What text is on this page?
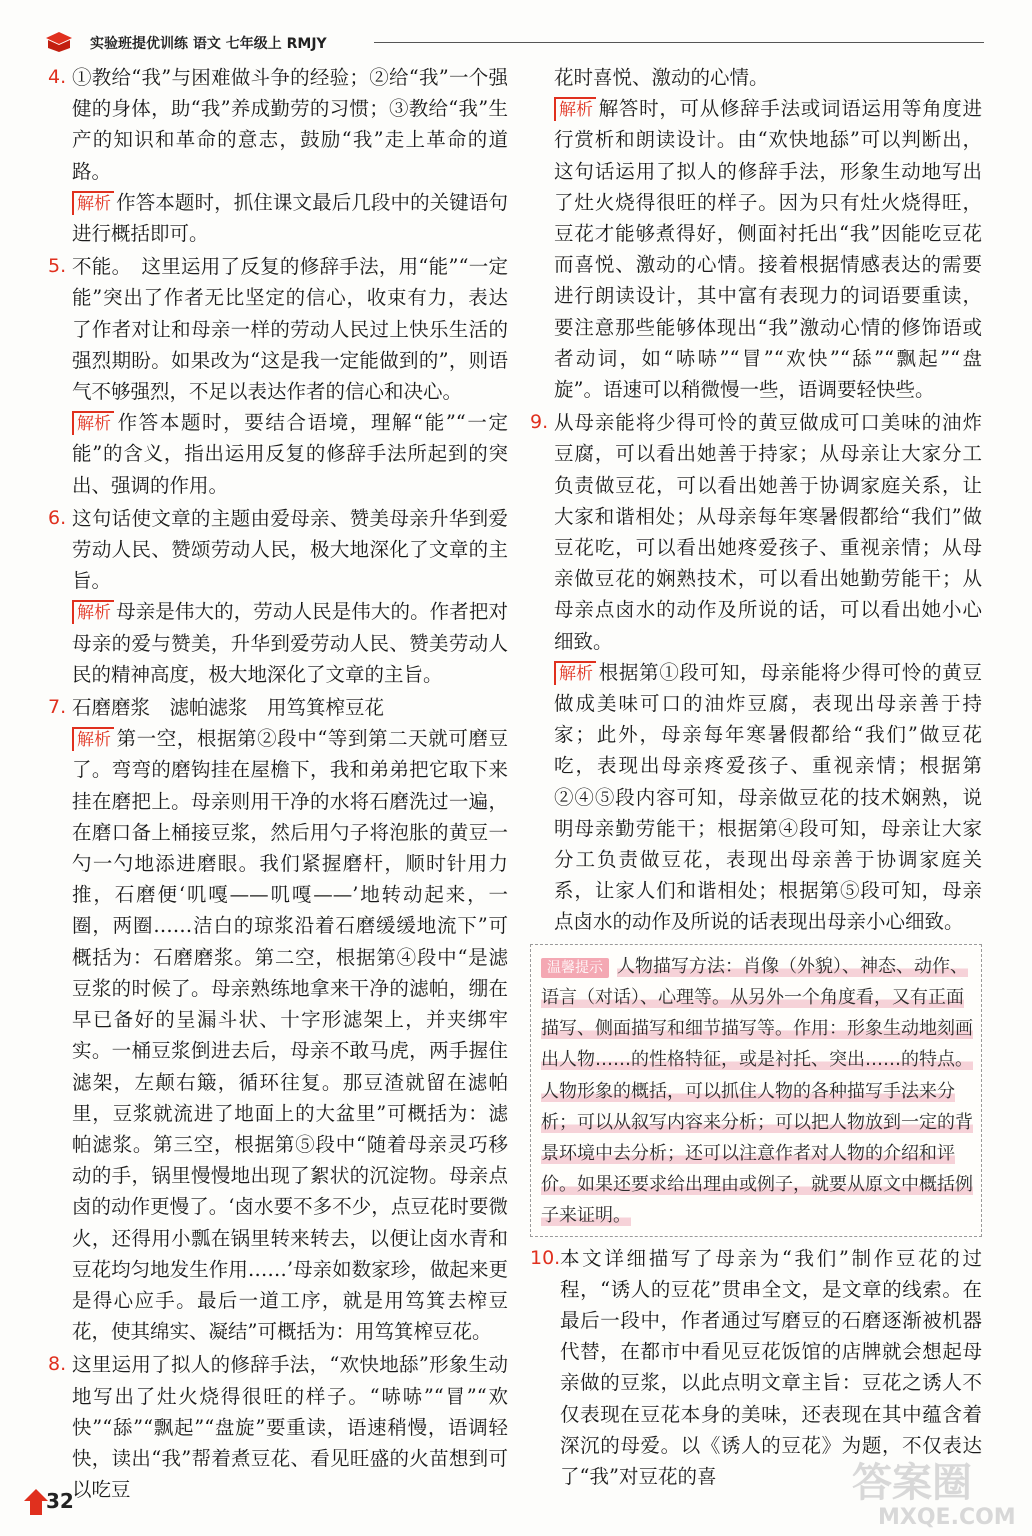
实验班提优训练 语文 七年级上 RMJY
4. ①教给“我”与困难做斗争的经验；②给“我”一个强健的身体，助“我”养成勤劳的习惯；③教给“我”生产的知识和革命的意志，鼓励“我”走上革命的道路。

解析 作答本题时，抓住课文最后几段中的关键语句进行概括即可。

5. 不能。　这里运用了反复的修辞手法，用“能”“一定能”突出了作者无比坚定的信心，收束有力，表达了作者对让和母亲一样的劳动人民过上快乐生活的强烈期盼。如果改为“这是我一定能做到的”，则语气不够强烈，不足以表达作者的信心和决心。

解析 作答本题时，要结合语境，理解“能”“一定能”的含义，指出运用反复的修辞手法所起到的突出、强调的作用。

6. 这句话使文章的主题由爱母亲、赞美母亲升华到爱劳动人民、赞颂劳动人民，极大地深化了文章的主旨。

解析 母亲是伟大的，劳动人民是伟大的。作者把对母亲的爱与赞美，升华到爱劳动人民、赞美劳动人民的精神高度，极大地深化了文章的主旨。

7. 石磨磨浆　滤帕滤浆　用笃箕榨豆花

解析 第一空，根据第②段中“等到第二天就可磨豆了。弯弯的磨钩挂在屋檐下，我和弟弟把它取下来挂在磨把上。母亲则用干净的水将石磨洗过一遍，在磨口备上桶接豆浆，然后用勺子将泡胀的黄豆一勺一勺地添进磨眼。我们紧握磨杆，顺时针用力推，石磨便‘叽嘎——叽嘎——’地转动起来，一圈，两圈……洁白的琼浆沿着石磨缓缓地流下”可概括为：石磨磨浆。第二空，根据第④段中“是滤豆浆的时候了。母亲熟练地拿来干净的滤帕，绷在早已备好的呈漏斗状、十字形滤架上，并夹绑牢实。一桶豆浆倒进去后，母亲不敢马虎，两手握住滤架，左颠右簸，循环往复。那豆渣就留在滤帕里，豆浆就流进了地面上的大盆里”可概括为：滤帕滤浆。第三空，根据第⑤段中“随着母亲灵巧移动的手，锅里慢慢地出现了絮状的沉淀物。母亲点卤的动作更慢了。‘卤水要不多不少，点豆花时要微火，还得用小瓢在锅里转来转去，以便让卤水青和豆花均匀地发生作用……’母亲如数家珍，做起来更是得心应手。最后一道工序，就是用笃箕去榨豆花，使其绵实、凝结”可概括为：用笃箕榨豆花。

8. 这里运用了拟人的修辞手法，“欢快地舔”形象生动地写出了灶火烧得很旺的样子。“哧哧”“冒”“欢快”“舔”“飘起”“盘旋”要重读，语速稍慢，语调轻快，读出“我”帮着煮豆花、看见旺盛的火苗想到可以吃豆

花时喜悦、激动的心情。

解析 解答时，可从修辞手法或词语运用等角度进行赏析和朗读设计。由“欢快地舔”可以判断出，这句话运用了拟人的修辞手法，形象生动地写出了灶火烧得很旺的样子。因为只有灶火烧得旺，豆花才能够煮得好，侧面衬托出“我”因能吃豆花而喜悦、激动的心情。接着根据情感表达的需要进行朗读设计，其中富有表现力的词语要重读，要注意那些能够体现出“我”激动心情的修饰语或者动词，如“哧哧”“冒”“欢快”“舔”“飘起”“盘旋”。语速可以稍微慢一些，语调要轻快些。

9. 从母亲能将少得可怜的黄豆做成可口美味的油炸豆腐，可以看出她善于持家；从母亲让大家分工负责做豆花，可以看出她善于协调家庭关系，让大家和谐相处；从母亲每年寒暑假都给“我们”做豆花吃，可以看出她疼爱孩子、重视亲情；从母亲做豆花的娴熟技术，可以看出她勤劳能干；从母亲点卤水的动作及所说的话，可以看出她小心细致。

解析 根据第①段可知，母亲能将少得可怜的黄豆做成美味可口的油炸豆腐，表现出母亲善于持家；此外，母亲每年寒暑假都给“我们”做豆花吃，表现出母亲疼爱孩子、重视亲情；根据第②④⑤段内容可知，母亲做豆花的技术娴熟，说明母亲勤劳能干；根据第④段可知，母亲让大家分工负责做豆花，表现出母亲善于协调家庭关系，让家人们和谐相处；根据第⑤段可知，母亲点卤水的动作及所说的话表现出母亲小心细致。

温馨提示 人物描写方法：肖像（外貌）、神态、动作、语言（对话）、心理等。从另外一个角度看，又有正面描写、侧面描写和细节描写等。作用：形象生动地刻画出人物……的性格特征，或是衬托、突出……的特点。人物形象的概括，可以抓住人物的各种描写手法来分析；可以从叙写内容来分析；可以把人物放到一定的背景环境中去分析；还可以注意作者对人物的介绍和评价。如果还要求给出理由或例子，就要从原文中概括例子来证明。

10. 本文详细描写了母亲为“我们”制作豆花的过程，“诱人的豆花”贯串全文，是文章的线索。在最后一段中，作者通过写磨豆的石磨逐渐被机器代替，在都市中看见豆花饭馆的店牌就会想起母亲做的豆浆，以此点明文章主旨：豆花之诱人不仅表现在豆花本身的美味，还表现在其中蕴含着深沉的母爱。以《诱人的豆花》为题，不仅表达了“我”对豆花的喜

32	答案圈
MXQE.COM
